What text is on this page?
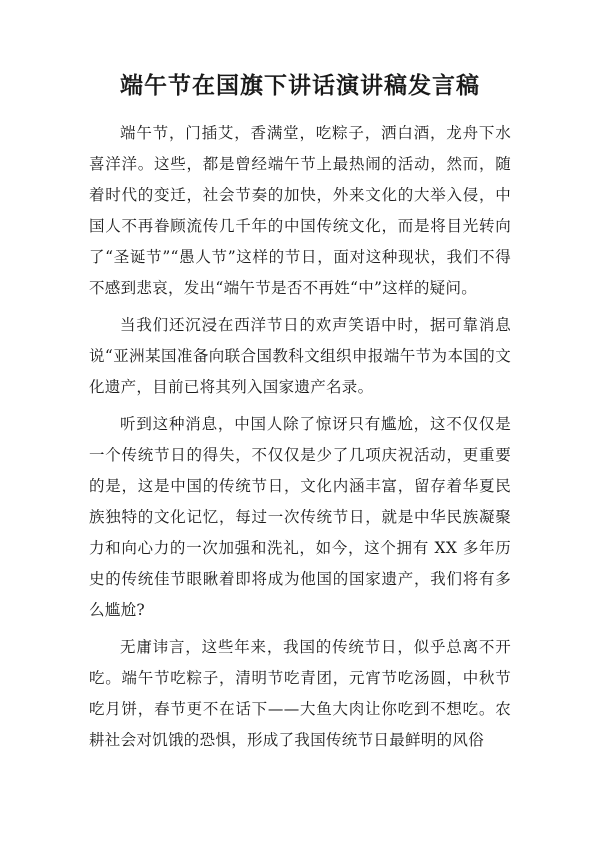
端午节在国旗下讲话演讲稿发言稿

端午节，门插艾，香满堂，吃粽子，洒白酒，龙舟下水喜洋洋。这些，都是曾经端午节上最热闹的活动，然而，随着时代的变迁，社会节奏的加快，外来文化的大举入侵，中国人不再眷顾流传几千年的中国传统文化，而是将目光转向了“圣诞节”“愚人节”这样的节日，面对这种现状，我们不得不感到悲哀，发出“端午节是否不再姓“中”这样的疑问。

当我们还沉浸在西洋节日的欢声笑语中时，据可靠消息说“亚洲某国准备向联合国教科文组织申报端午节为本国的文化遗产，目前已将其列入国家遗产名录。

听到这种消息，中国人除了惊讶只有尴尬，这不仅仅是一个传统节日的得失，不仅仅是少了几项庆祝活动，更重要的是，这是中国的传统节日，文化内涵丰富，留存着华夏民族独特的文化记忆，每过一次传统节日，就是中华民族凝聚力和向心力的一次加强和洗礼，如今，这个拥有 XX 多年历史的传统佳节眼瞅着即将成为他国的国家遗产，我们将有多么尴尬?

无庸讳言，这些年来，我国的传统节日，似乎总离不开吃。端午节吃粽子，清明节吃青团，元宵节吃汤圆，中秋节吃月饼，春节更不在话下——大鱼大肉让你吃到不想吃。农耕社会对饥饿的恐惧，形成了我国传统节日最鲜明的风俗
